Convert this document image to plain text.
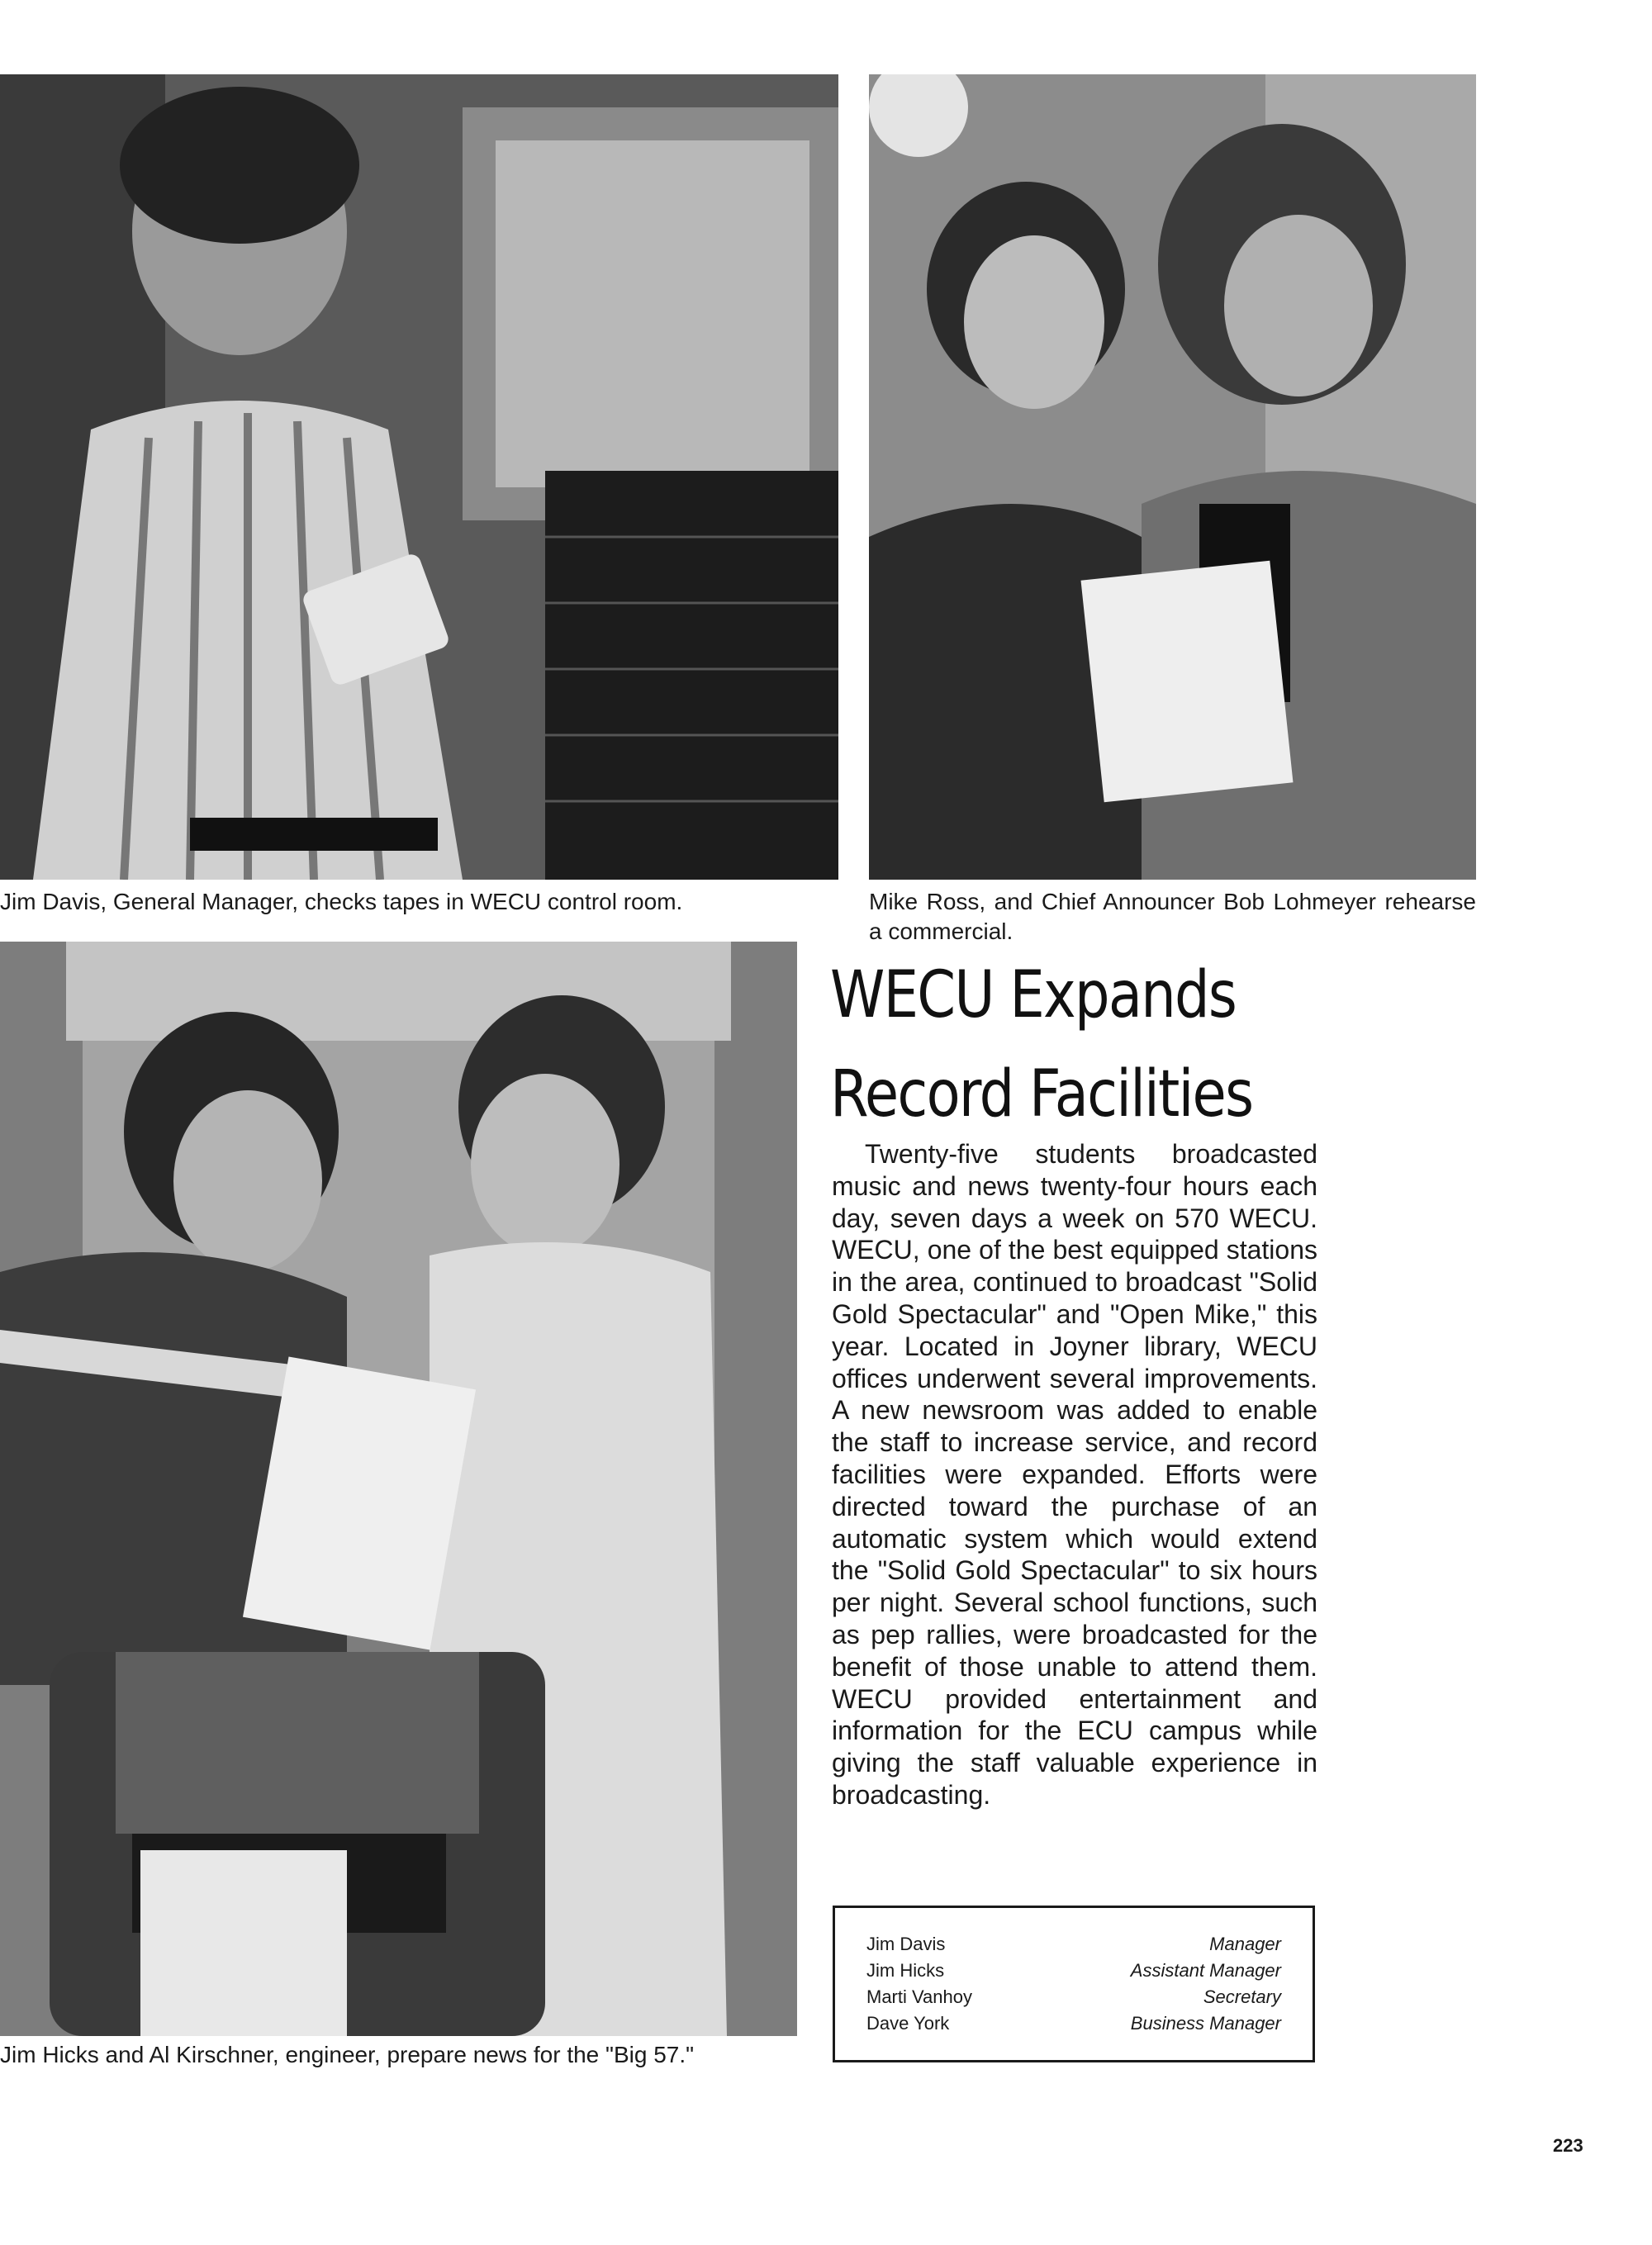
Jim Davis, General Manager, checks tapes in WECU control room.	Mike Ross, and Chief Announcer Bob Lohmeyer rehearse a commercial.
Jim Hicks and Al Kirschner, engineer, prepare news for the "Big 57."
WECU Expands
Record Facilities
Twenty-five students broadcasted music and news twenty-four hours each day, seven days a week on 570 WECU. WECU, one of the best equipped stations in the area, continued to broadcast "Solid Gold Spectacular" and "Open Mike," this year. Located in Joyner library, WECU offices underwent several improvements. A new newsroom was added to enable the staff to increase service, and record facilities were expanded. Efforts were directed toward the purchase of an automatic system which would extend the "Solid Gold Spectacular" to six hours per night. Several school functions, such as pep rallies, were broadcasted for the benefit of those unable to attend them. WECU provided entertainment and information for the ECU campus while giving the staff valuable experience in broadcasting.
Jim Davis	Manager
Jim Hicks	Assistant Manager
Marti Vanhoy	Secretary
Dave York	Business Manager
223
